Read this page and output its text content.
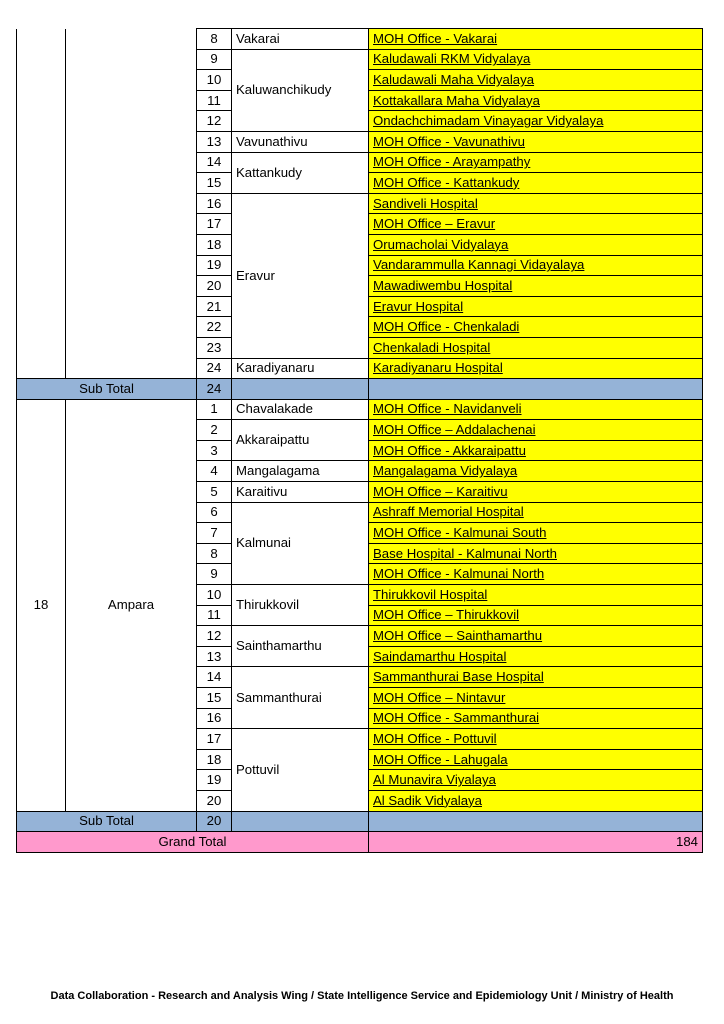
		8	Vakarai	MOH Office - Vakarai
		9	Kaluwanchikudy	Kaludawali RKM Vidyalaya
		10		Kaludawali Maha Vidyalaya
		11		Kottakallara Maha Vidyalaya
		12		Ondachchimadam Vinayagar Vidyalaya
		13	Vavunathivu	MOH Office - Vavunathivu
		14	Kattankudy	MOH Office - Arayampathy
		15		MOH Office - Kattankudy
		16	Eravur	Sandiveli Hospital
		17		MOH Office – Eravur
		18		Orumacholai Vidyalaya
		19		Vandarammulla Kannagi Vidayalaya
		20		Mawadiwembu Hospital
		21		Eravur Hospital
		22		MOH Office - Chenkaladi
		23		Chenkaladi Hospital
		24	Karadiyanaru	Karadiyanaru Hospital
Sub Total		24		
18	Ampara	1	Chavalakade	MOH Office - Navidanveli
		2	Akkaraipattu	MOH Office – Addalachenai
		3		MOH Office - Akkaraipattu
		4	Mangalagama	Mangalagama Vidyalaya
		5	Karaitivu	MOH Office – Karaitivu
		6	Kalmunai	Ashraff Memorial Hospital
		7		MOH Office - Kalmunai South
		8		Base Hospital - Kalmunai North
		9		MOH Office - Kalmunai North
		10	Thirukkovil	Thirukkovil Hospital
		11		MOH Office – Thirukkovil
		12	Sainthamarthu	MOH Office – Sainthamarthu
		13		Saindamarthu Hospital
		14	Sammanthurai	Sammanthurai Base Hospital
		15		MOH Office – Nintavur
		16		MOH Office - Sammanthurai
		17	Pottuvil	MOH Office - Pottuvil
		18		MOH Office - Lahugala
		19		Al Munavira Viyalaya
		20		Al Sadik Vidyalaya
Sub Total		20		
Grand Total				184
Data Collaboration - Research and Analysis Wing / State Intelligence Service and Epidemiology Unit / Ministry of Health
